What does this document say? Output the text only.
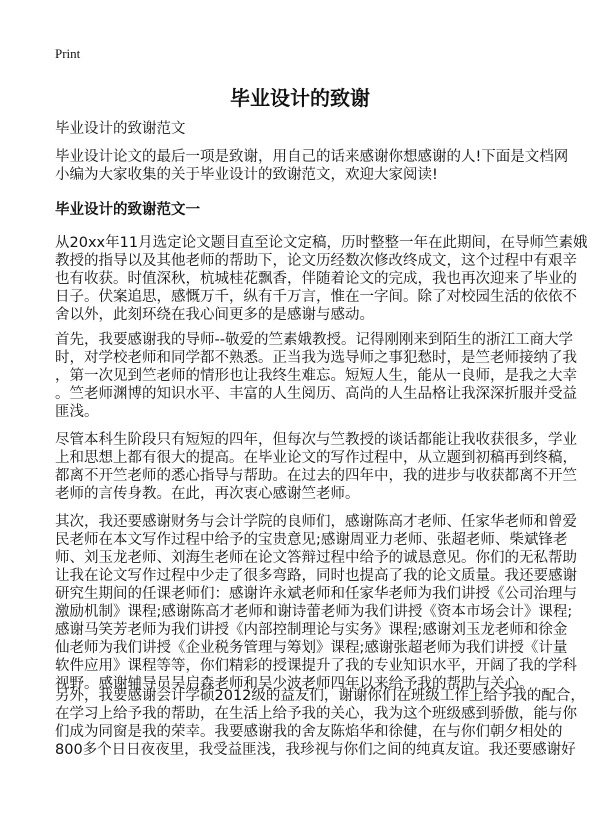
Print
毕业设计的致谢
毕业设计的致谢范文
毕业设计论文的最后一项是致谢，用自己的话来感谢你想感谢的人!下面是文档网
小编为大家收集的关于毕业设计的致谢范文，欢迎大家阅读!
毕业设计的致谢范文一
从20xx年11月选定论文题目直至论文定稿，历时整整一年在此期间，在导师竺素娥
教授的指导以及其他老师的帮助下，论文历经数次修改终成文，这个过程中有艰辛
也有收获。时值深秋，杭城桂花飘香，伴随着论文的完成，我也再次迎来了毕业的
日子。伏案追思，感慨万千，纵有千万言，惟在一字间。除了对校园生活的依依不
舍以外，此刻环绕在我心间更多的是感谢与感动。
首先，我要感谢我的导师--敬爱的竺素娥教授。记得刚刚来到陌生的浙江工商大学
时，对学校老师和同学都不熟悉。正当我为选导师之事犯愁时，是竺老师接纳了我
，第一次见到竺老师的情形也让我终生难忘。短短人生，能从一良师，是我之大幸
。竺老师渊博的知识水平、丰富的人生阅历、高尚的人生品格让我深深折服并受益
匪浅。
尽管本科生阶段只有短短的四年，但每次与竺教授的谈话都能让我收获很多，学业
上和思想上都有很大的提高。在毕业论文的写作过程中，从立题到初稿再到终稿，
都离不开竺老师的悉心指导与帮助。在过去的四年中，我的进步与收获都离不开竺
老师的言传身教。在此，再次衷心感谢竺老师。
其次，我还要感谢财务与会计学院的良师们，感谢陈高才老师、任家华老师和曾爱
民老师在本文写作过程中给予的宝贵意见;感谢周亚力老师、张超老师、柴斌锋老
师、刘玉龙老师、刘海生老师在论文答辩过程中给予的诚恳意见。你们的无私帮助
让我在论文写作过程中少走了很多弯路，同时也提高了我的论文质量。我还要感谢
研究生期间的任课老师们：感谢许永斌老师和任家华老师为我们讲授《公司治理与
激励机制》课程;感谢陈高才老师和谢诗蕾老师为我们讲授《资本市场会计》课程;
感谢马笑芳老师为我们讲授《内部控制理论与实务》课程;感谢刘玉龙老师和徐金
仙老师为我们讲授《企业税务管理与筹划》课程;感谢张超老师为我们讲授《计量
软件应用》课程等等，你们精彩的授课提升了我的专业知识水平，开阔了我的学科
视野。感谢辅导员吴启森老师和吴少波老师四年以来给予我的帮助与关心。
另外，我要感谢会计学硕2012级的益友们，谢谢你们在班级工作上给予我的配合，
在学习上给予我的帮助，在生活上给予我的关心，我为这个班级感到骄傲，能与你
们成为同窗是我的荣幸。我要感谢我的舍友陈焰华和徐健，在与你们朝夕相处的
800多个日日夜夜里，我受益匪浅，我珍视与你们之间的纯真友谊。我还要感谢好
